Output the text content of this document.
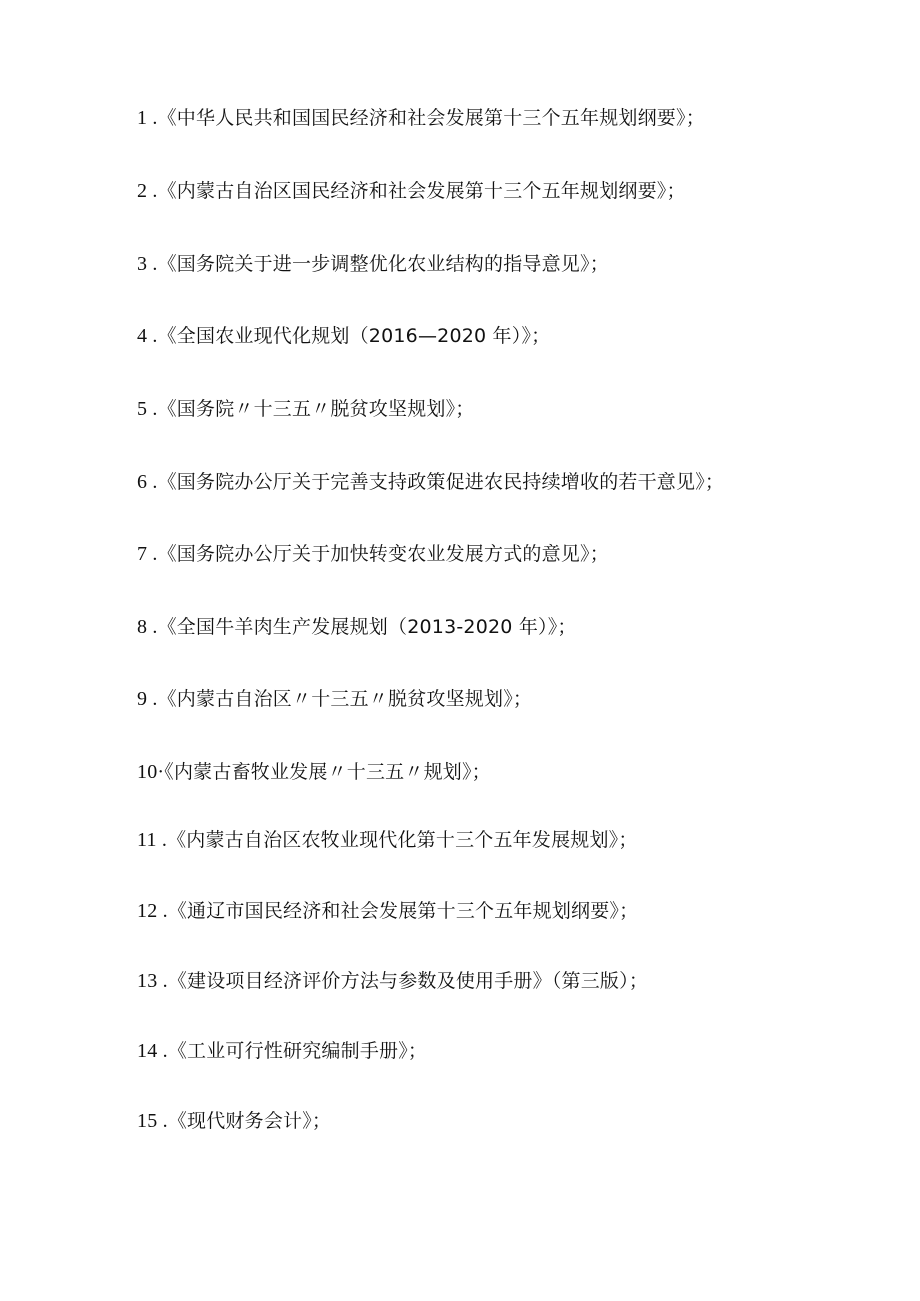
1 .《中华人民共和国国民经济和社会发展第十三个五年规划纲要》；
2 .《内蒙古自治区国民经济和社会发展第十三个五年规划纲要》；
3 .《国务院关于进一步调整优化农业结构的指导意见》；
4 .《全国农业现代化规划（2016—2020 年）》；
5 .《国务院〃十三五〃脱贫攻坚规划》；
6 .《国务院办公厅关于完善支持政策促进农民持续增收的若干意见》；
7 .《国务院办公厅关于加快转变农业发展方式的意见》；
8 .《全国牛羊肉生产发展规划（2013-2020 年）》；
9 .《内蒙古自治区〃十三五〃脱贫攻坚规划》；
10·《内蒙古畜牧业发展〃十三五〃规划》；
11 .《内蒙古自治区农牧业现代化第十三个五年发展规划》；
12 .《通辽市国民经济和社会发展第十三个五年规划纲要》；
13 .《建设项目经济评价方法与参数及使用手册》（第三版）；
14 .《工业可行性研究编制手册》；
15 .《现代财务会计》；
